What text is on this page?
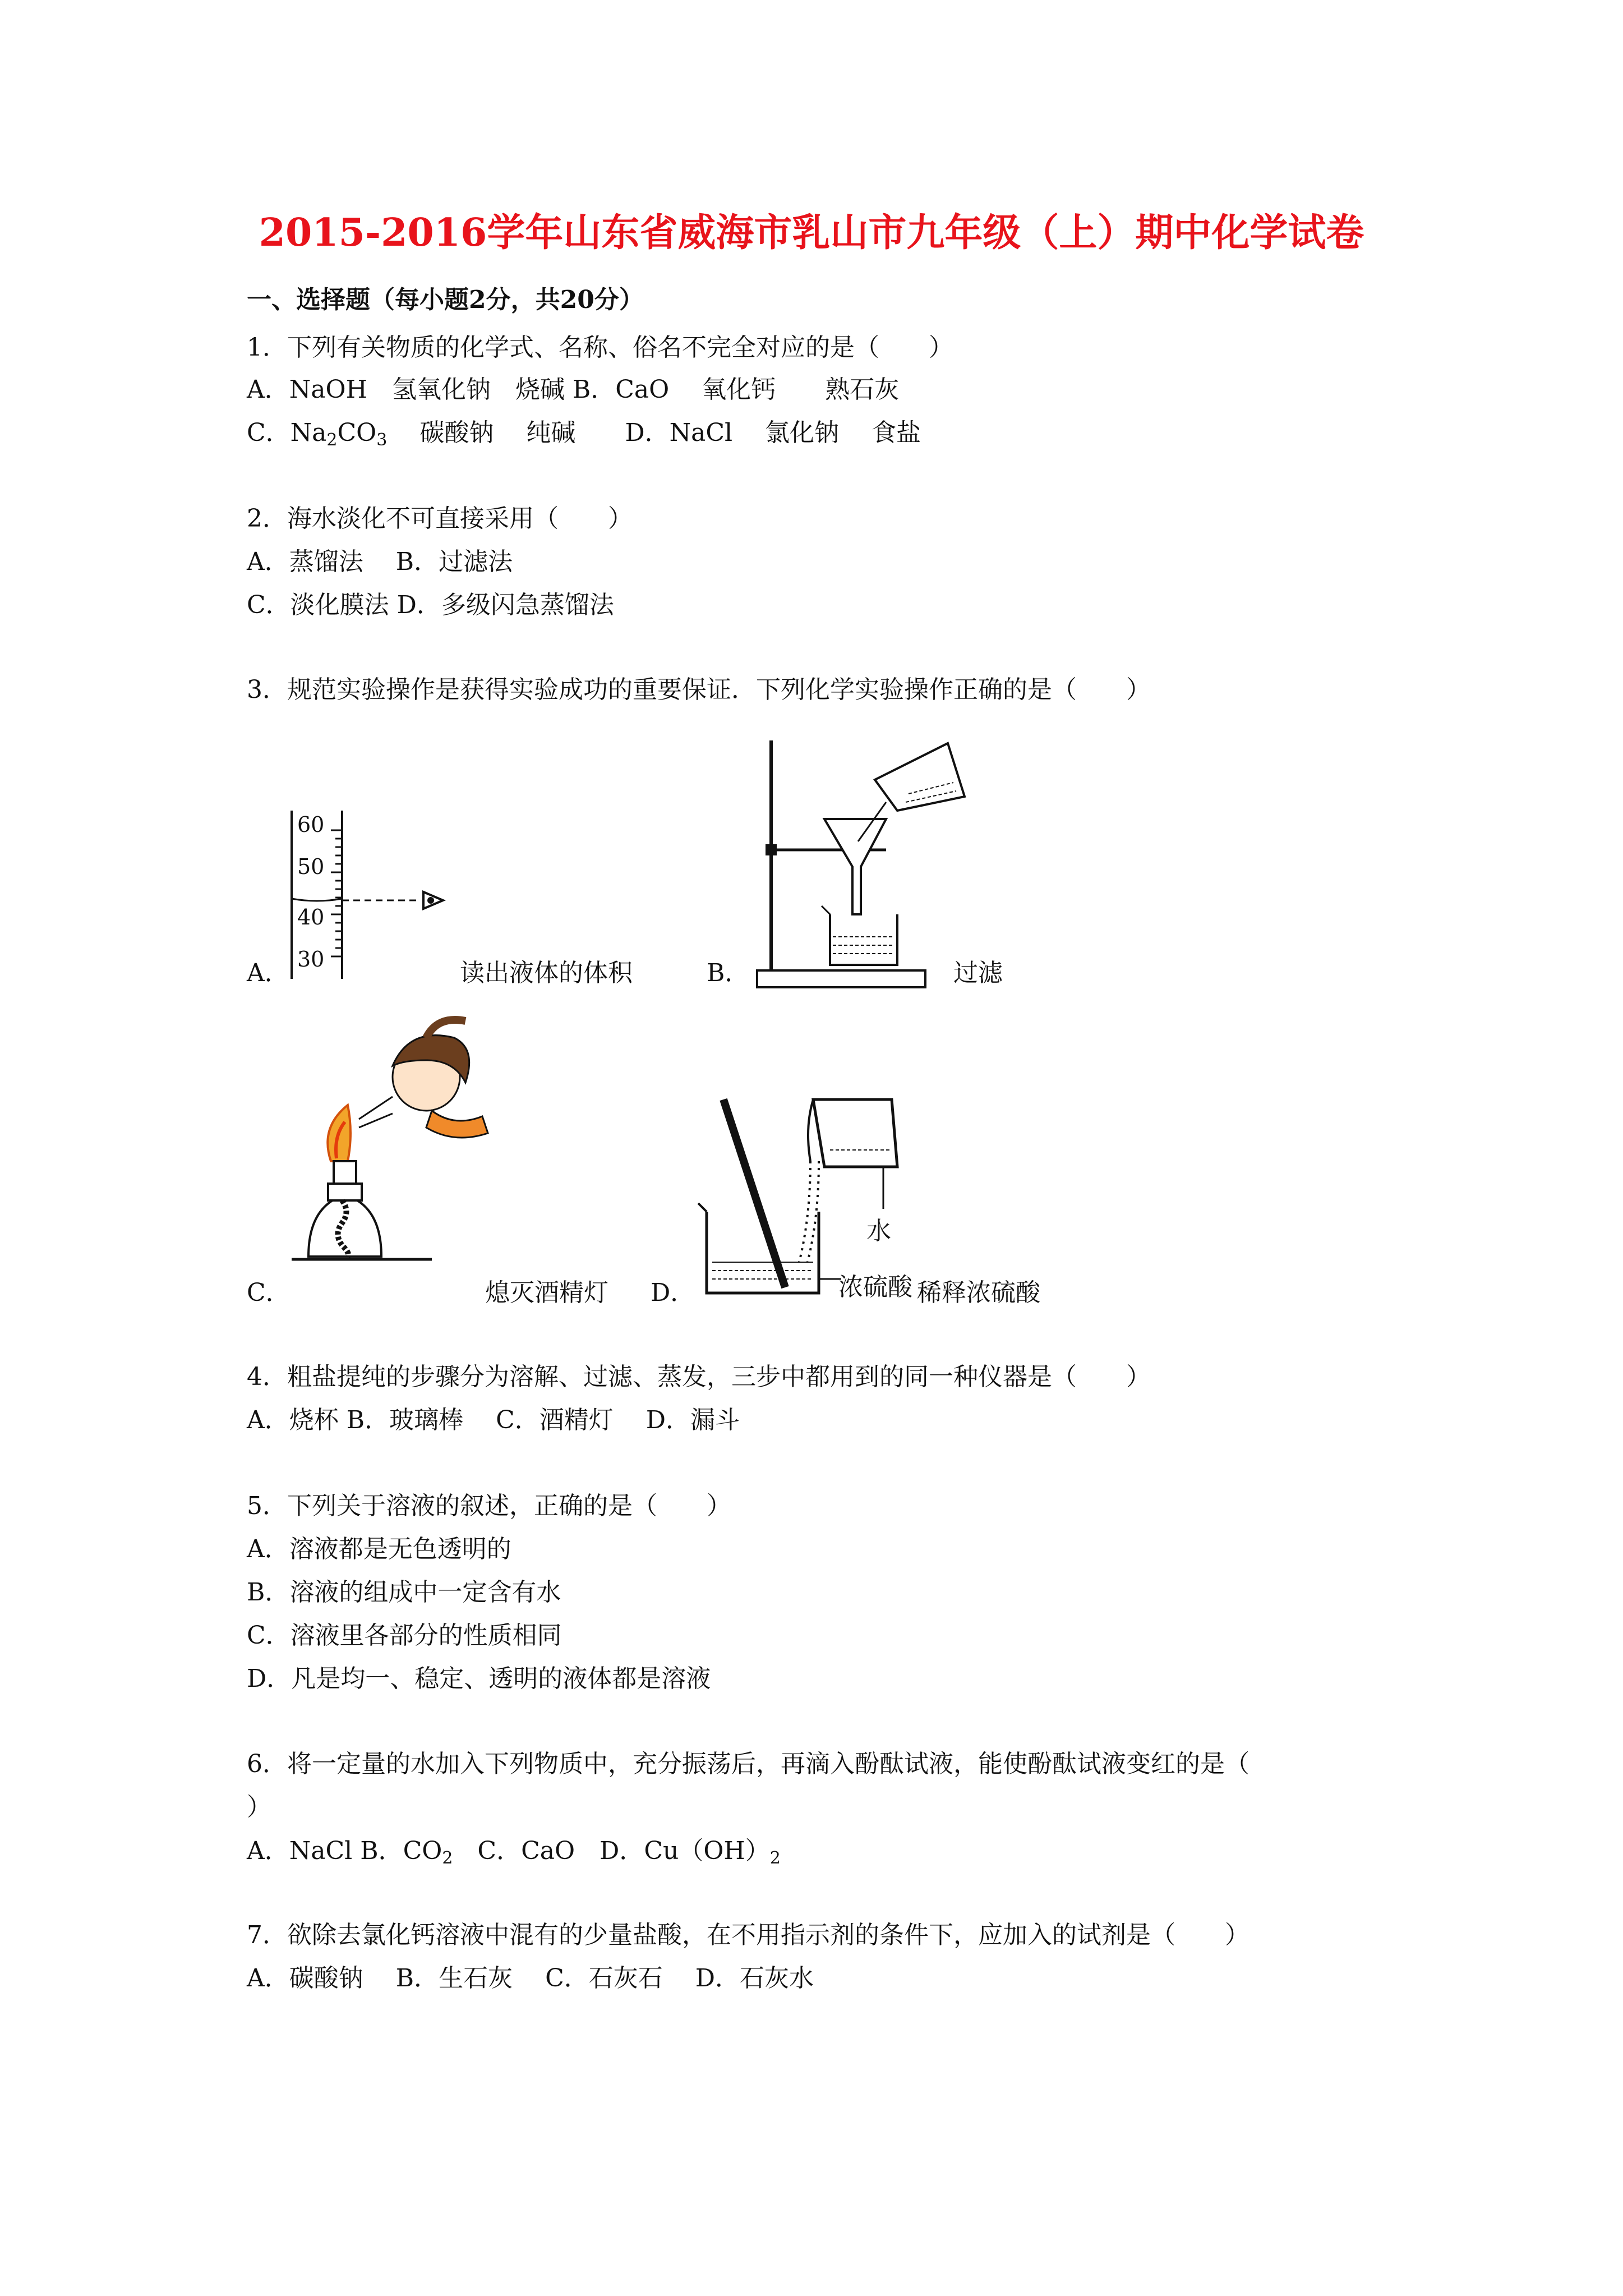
2015-2016学年山东省威海市乳山市九年级（上）期中化学试卷
一、选择题（每小题2分，共20分）
1．下列有关物质的化学式、名称、俗名不完全对应的是（　　）
A．NaOH　氢氧化钠　烧碱 B．CaO　 氧化钙　　熟石灰
C．$Na_2CO_3$　 碳酸钠　 纯碱　　D．NaCl　 氯化钠　 食盐
2．海水淡化不可直接采用（　　）
A．蒸馏法　 B．过滤法
C．淡化膜法 D．多级闪急蒸馏法
3．规范实验操作是获得实验成功的重要保证．下列化学实验操作正确的是（　　）
60
50
40
30
A．	读出液体的体积	B．	过滤
C．	熄灭酒精灯
水
浓硫酸
D．	稀释浓硫酸
4．粗盐提纯的步骤分为溶解、过滤、蒸发，三步中都用到的同一种仪器是（　　）
A．烧杯 B．玻璃棒　 C．酒精灯　 D．漏斗
5．下列关于溶液的叙述，正确的是（　　）
A．溶液都是无色透明的
B．溶液的组成中一定含有水
C．溶液里各部分的性质相同
D．凡是均一、稳定、透明的液体都是溶液
6．将一定量的水加入下列物质中，充分振荡后，再滴入酚酞试液，能使酚酞试液变红的是（
）
A．NaCl B．$CO_2$　C．CaO　D．$Cu(OH)_2$
7．欲除去氯化钙溶液中混有的少量盐酸，在不用指示剂的条件下，应加入的试剂是（　　）
A．碳酸钠　 B．生石灰　 C．石灰石　 D．石灰水
